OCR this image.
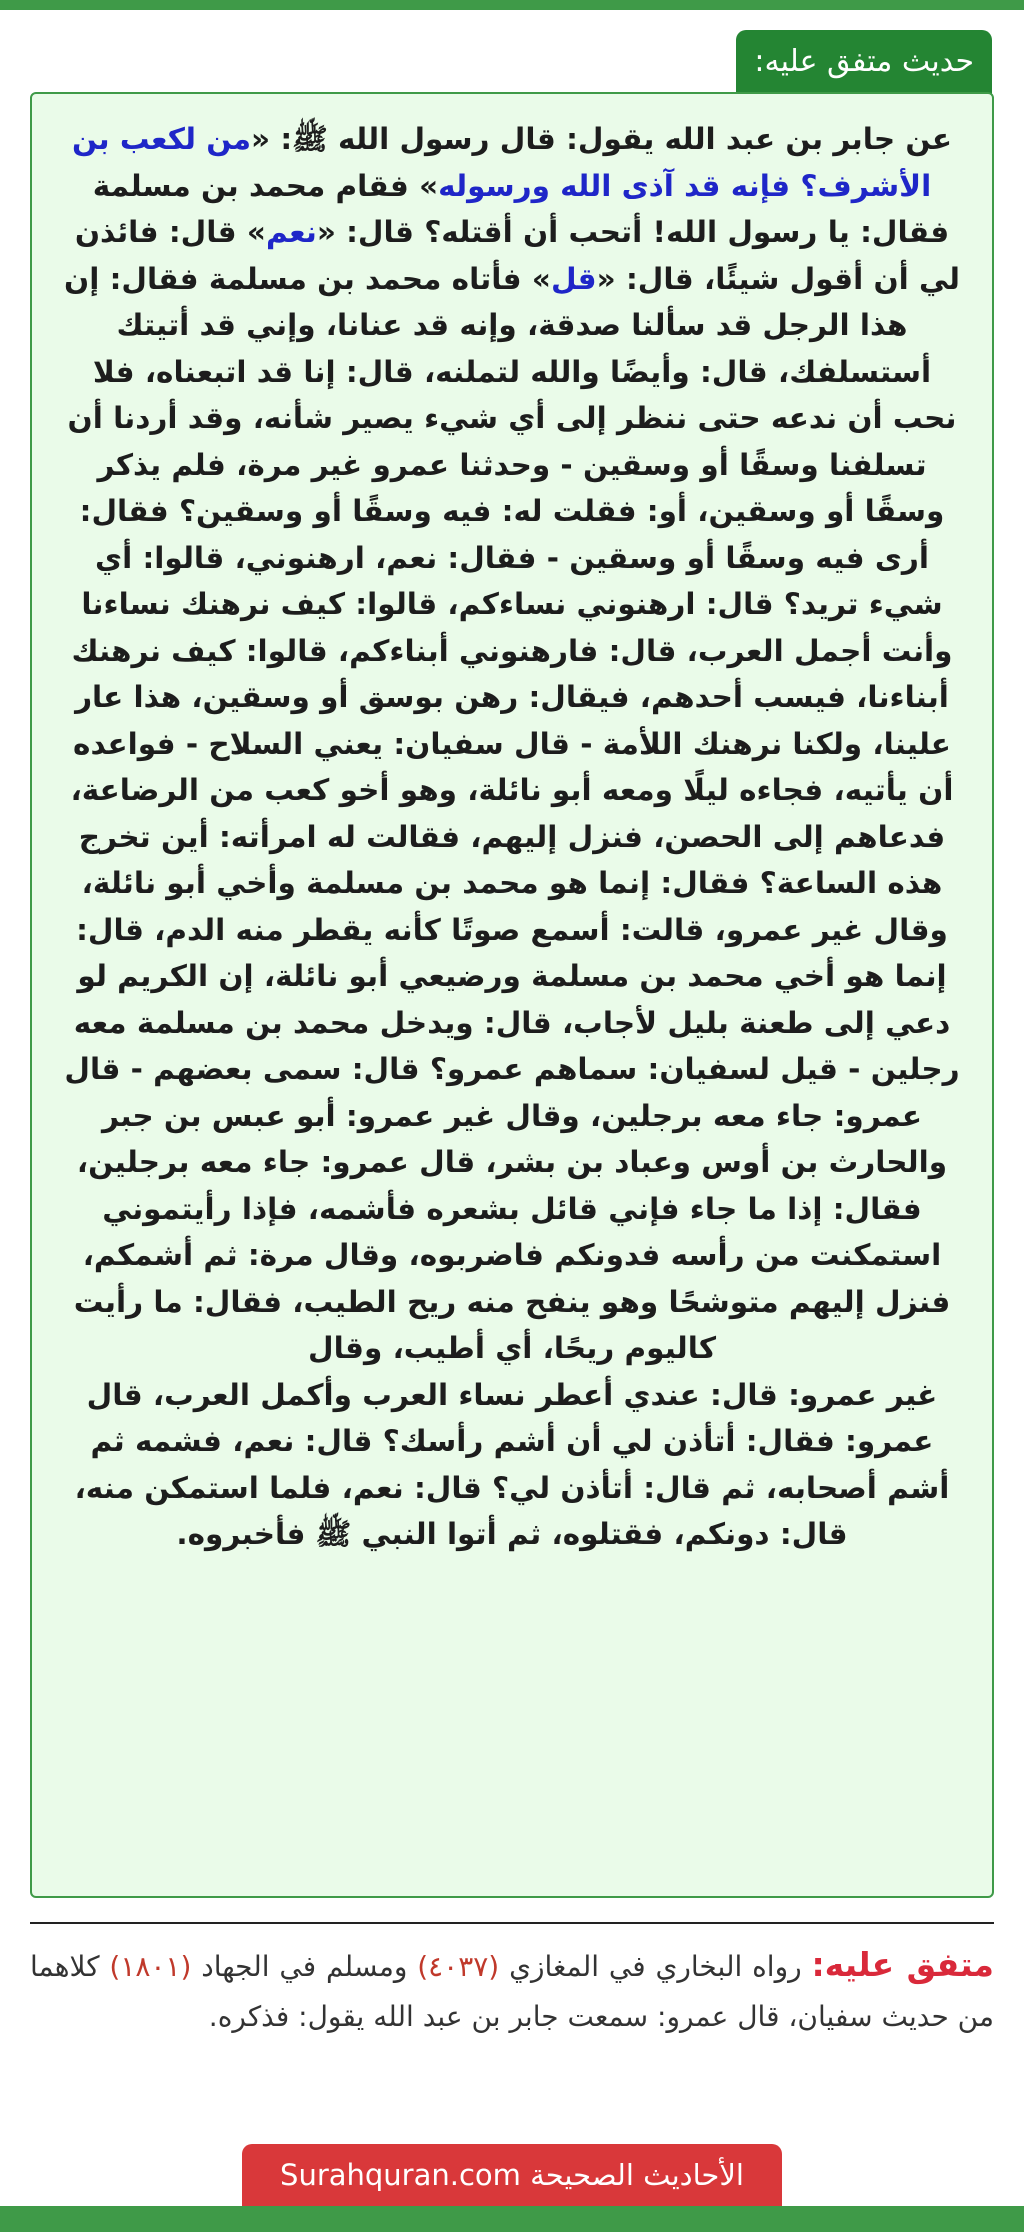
حديث متفق عليه:
عن جابر بن عبد الله يقول: قال رسول الله ﷺ: «من لكعب بن الأشرف؟ فإنه قد آذى الله ورسوله» فقام محمد بن مسلمة فقال: يا رسول الله! أتحب أن أقتله؟ قال: «نعم» قال: فائذن لي أن أقول شيئًا، قال: «قل» فأتاه محمد بن مسلمة فقال: إن هذا الرجل قد سألنا صدقة، وإنه قد عنانا، وإني قد أتيتك أستسلفك، قال: وأيضًا والله لتملنه، قال: إنا قد اتبعناه، فلا نحب أن ندعه حتى ننظر إلى أي شيء يصير شأنه، وقد أردنا أن تسلفنا وسقًا أو وسقين - وحدثنا عمرو غير مرة، فلم يذكر وسقًا أو وسقين، أو: فقلت له: فيه وسقًا أو وسقين؟ فقال: أرى فيه وسقًا أو وسقين - فقال: نعم، ارهنوني، قالوا: أي شيء تريد؟ قال: ارهنوني نساءكم، قالوا: كيف نرهنك نساءنا وأنت أجمل العرب، قال: فارهنوني أبناءكم، قالوا: كيف نرهنك أبناءنا، فيسب أحدهم، فيقال: رهن بوسق أو وسقين، هذا عار علينا، ولكنا نرهنك اللأمة - قال سفيان: يعني السلاح - فواعده أن يأتيه، فجاءه ليلًا ومعه أبو نائلة، وهو أخو كعب من الرضاعة، فدعاهم إلى الحصن، فنزل إليهم، فقالت له امرأته: أين تخرج هذه الساعة؟ فقال: إنما هو محمد بن مسلمة وأخي أبو نائلة، وقال غير عمرو، قالت: أسمع صوتًا كأنه يقطر منه الدم، قال: إنما هو أخي محمد بن مسلمة ورضيعي أبو نائلة، إن الكريم لو دعي إلى طعنة بليل لأجاب، قال: ويدخل محمد بن مسلمة معه رجلين - قيل لسفيان: سماهم عمرو؟ قال: سمى بعضهم - قال عمرو: جاء معه برجلين، وقال غير عمرو: أبو عبس بن جبر والحارث بن أوس وعباد بن بشر، قال عمرو: جاء معه برجلين، فقال: إذا ما جاء فإني قائل بشعره فأشمه، فإذا رأيتموني استمكنت من رأسه فدونكم فاضربوه، وقال مرة: ثم أشمكم، فنزل إليهم متوشحًا وهو ينفح منه ريح الطيب، فقال: ما رأيت كاليوم ريحًا، أي أطيب، وقال
غير عمرو: قال: عندي أعطر نساء العرب وأكمل العرب، قال عمرو: فقال: أتأذن لي أن أشم رأسك؟ قال: نعم، فشمه ثم أشم أصحابه، ثم قال: أتأذن لي؟ قال: نعم، فلما استمكن منه، قال: دونكم، فقتلوه، ثم أتوا النبي ﷺ فأخبروه.
متفق عليه: رواه البخاري في المغازي (٤٠٣٧) ومسلم في الجهاد (١٨٠١) كلاهما من حديث سفيان، قال عمرو: سمعت جابر بن عبد الله يقول: فذكره.
الأحاديث الصحيحة Surahquran.com
